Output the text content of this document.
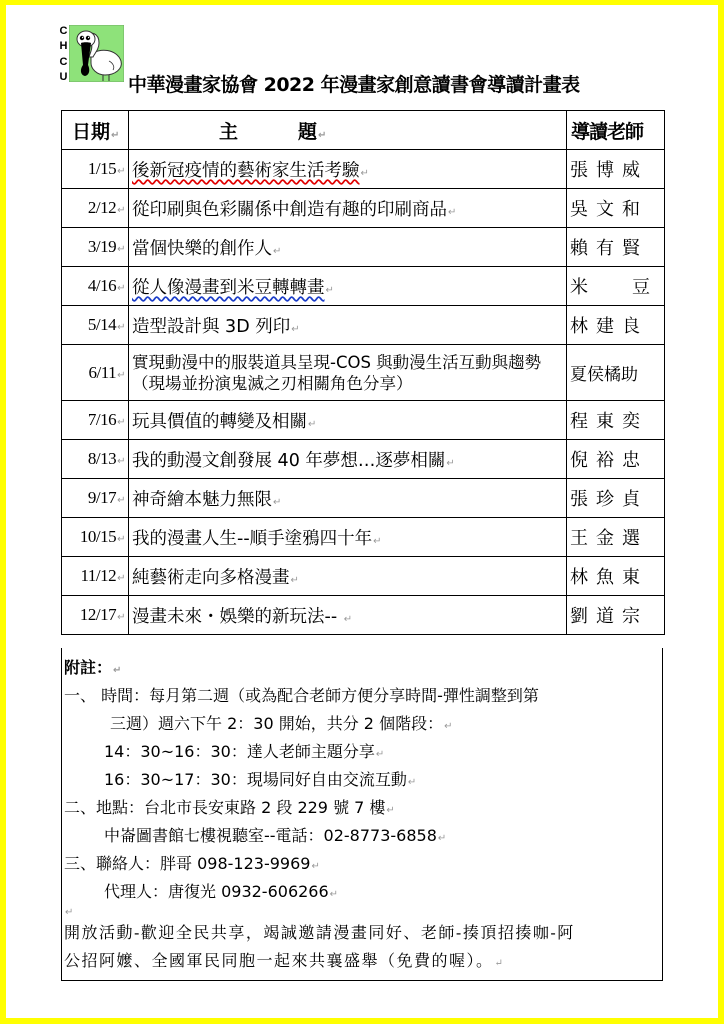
C
H
C
U	中華漫畫家協會 2022 年漫畫家創意讀書會導讀計畫表
日期↵	主 題↵	導讀老師
1/15↵	後新冠疫情的藝術家生活考驗↵	張博威
2/12↵	從印刷與色彩關係中創造有趣的印刷商品↵	吳文和
3/19↵	當個快樂的創作人↵	賴有賢
4/16↵	從人像漫畫到米豆轉轉畫↵	米　豆
5/14↵	造型設計與 3D 列印↵	林建良
6/11↵	實現動漫中的服裝道具呈現-COS 與動漫生活互動與趨勢（現場並扮演鬼滅之刃相關角色分享）	夏侯橘助
7/16↵	玩具價值的轉變及相關↵	程東奕
8/13↵	我的動漫文創發展 40 年夢想…逐夢相關↵	倪裕忠
9/17↵	神奇繪本魅力無限↵	張珍貞
10/15↵	我的漫畫人生--順手塗鴉四十年↵	王金選
11/12↵	純藝術走向多格漫畫↵	林魚東
12/17↵	漫畫未來・娛樂的新玩法-- ↵	劉道宗
附註：↵
一、 時間：每月第二週（或為配合老師方便分享時間-彈性調整到第
三週）週六下午 2：30 開始，共分 2 個階段：↵
14：30~16：30：達人老師主題分享↵
16：30~17：30：現場同好自由交流互動↵
二、地點：台北市長安東路 2 段 229 號 7 樓↵
中崙圖書館七樓視聽室--電話：02-8773-6858↵
三、聯絡人：胖哥 098-123-9969↵
代理人：唐復光 0932-606266↵
↵
開放活動-歡迎全民共享，竭誠邀請漫畫同好、老師-揍頂招揍咖-阿
公招阿嬤、全國軍民同胞一起來共襄盛舉（免費的喔）。↵
